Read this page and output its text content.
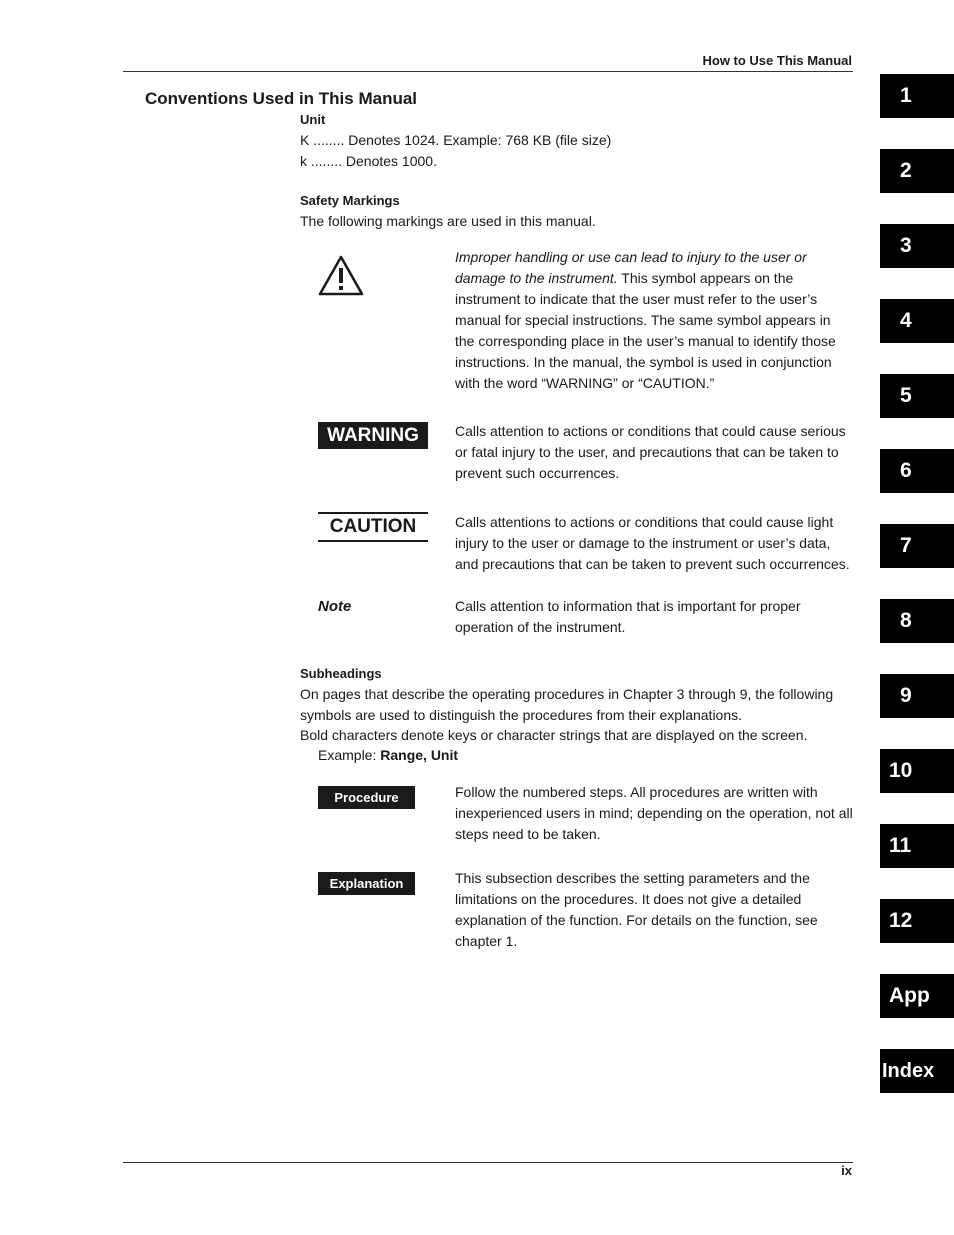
How to Use This Manual
Conventions Used in This Manual
Unit
K ........ Denotes 1024. Example: 768 KB (file size)
k ........ Denotes 1000.
Safety Markings
The following markings are used in this manual.
Improper handling or use can lead to injury to the user or damage to the instrument. This symbol appears on the instrument to indicate that the user must refer to the user’s manual for special instructions. The same symbol appears in the corresponding place in the user’s manual to identify those instructions. In the manual, the symbol is used in conjunction with the word “WARNING” or “CAUTION.”
WARNING	Calls attention to actions or conditions that could cause serious or fatal injury to the user, and precautions that can be taken to prevent such occurrences.
CAUTION	Calls attentions to actions or conditions that could cause light injury to the user or damage to the instrument or user’s data, and precautions that can be taken to prevent such occurrences.
Note	Calls attention to information that is important for proper operation of the instrument.
Subheadings
On pages that describe the operating procedures in Chapter 3 through 9, the following symbols are used to distinguish the procedures from their explanations.
Bold characters denote keys or character strings that are displayed on the screen.
Example: Range, Unit
Procedure	Follow the numbered steps. All procedures are written with inexperienced users in mind; depending on the operation, not all steps need to be taken.
Explanation	This subsection describes the setting parameters and the limitations on the procedures. It does not give a detailed explanation of the function. For details on the function, see chapter 1.
1
2
3
4
5
6
7
8
9
10
11
12
App
Index
ix
